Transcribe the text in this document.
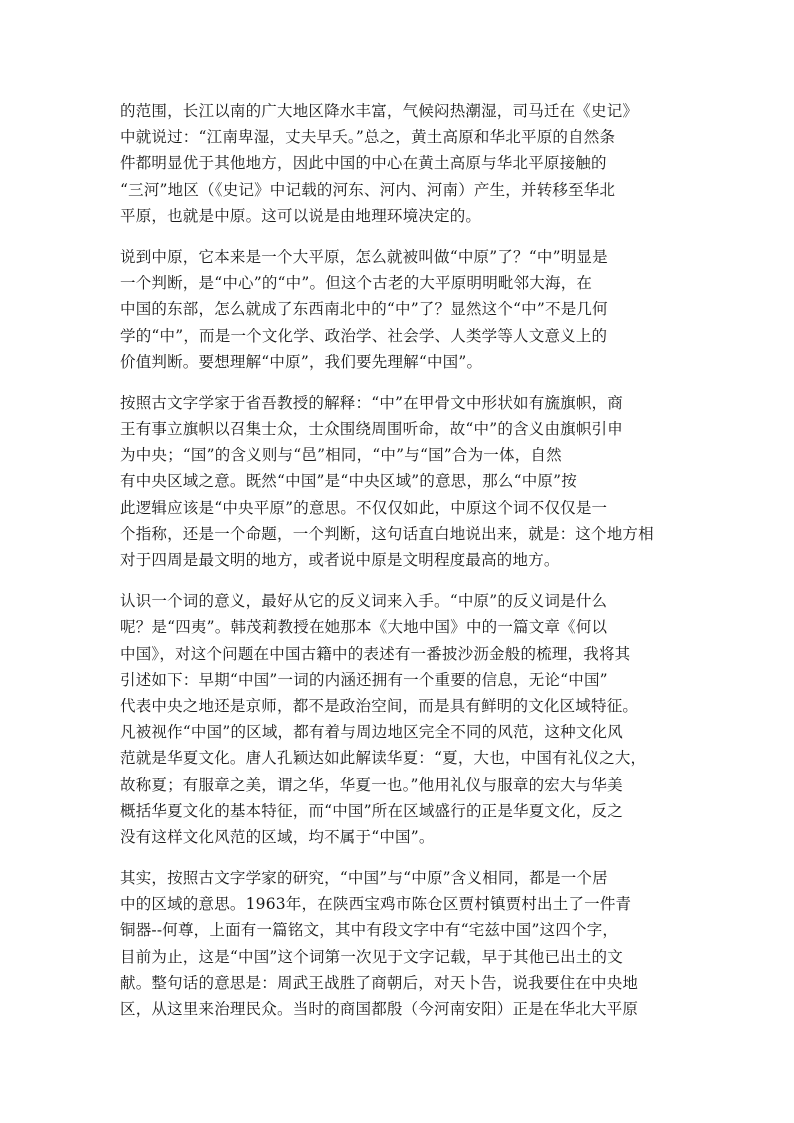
的范围，长江以南的广大地区降水丰富，气候闷热潮湿，司马迁在《史记》
中就说过：“江南卑湿，丈夫早夭。”总之，黄土高原和华北平原的自然条
件都明显优于其他地方，因此中国的中心在黄土高原与华北平原接触的
“三河”地区（《史记》中记载的河东、河内、河南）产生，并转移至华北
平原，也就是中原。这可以说是由地理环境决定的。
说到中原，它本来是一个大平原，怎么就被叫做“中原”了？“中”明显是
一个判断，是“中心”的“中”。但这个古老的大平原明明毗邻大海，在
中国的东部，怎么就成了东西南北中的“中”了？显然这个“中”不是几何
学的“中”，而是一个文化学、政治学、社会学、人类学等人文意义上的
价值判断。要想理解“中原”，我们要先理解“中国”。
按照古文字学家于省吾教授的解释：“中”在甲骨文中形状如有旒旗帜，商
王有事立旗帜以召集士众，士众围绕周围听命，故“中”的含义由旗帜引申
为中央；“国”的含义则与“邑”相同，“中”与“国”合为一体，自然
有中央区域之意。既然“中国”是“中央区域”的意思，那么“中原”按
此逻辑应该是“中央平原”的意思。不仅仅如此，中原这个词不仅仅是一
个指称，还是一个命题，一个判断，这句话直白地说出来，就是：这个地方相
对于四周是最文明的地方，或者说中原是文明程度最高的地方。
认识一个词的意义，最好从它的反义词来入手。“中原”的反义词是什么
呢？是“四夷”。韩茂莉教授在她那本《大地中国》中的一篇文章《何以
中国》，对这个问题在中国古籍中的表述有一番披沙沥金般的梳理，我将其
引述如下：早期“中国”一词的内涵还拥有一个重要的信息，无论“中国”
代表中央之地还是京师，都不是政治空间，而是具有鲜明的文化区域特征。
凡被视作“中国”的区域，都有着与周边地区完全不同的风范，这种文化风
范就是华夏文化。唐人孔颖达如此解读华夏：“夏，大也，中国有礼仪之大，
故称夏；有服章之美，谓之华，华夏一也。”他用礼仪与服章的宏大与华美
概括华夏文化的基本特征，而“中国”所在区域盛行的正是华夏文化，反之
没有这样文化风范的区域，均不属于“中国”。
其实，按照古文字学家的研究，“中国”与“中原”含义相同，都是一个居
中的区域的意思。1963年，在陕西宝鸡市陈仓区贾村镇贾村出土了一件青
铜器--何尊，上面有一篇铭文，其中有段文字中有“宅兹中国”这四个字，
目前为止，这是“中国”这个词第一次见于文字记载，早于其他已出土的文
献。整句话的意思是：周武王战胜了商朝后，对天卜告，说我要住在中央地
区，从这里来治理民众。当时的商国都殷（今河南安阳）正是在华北大平原
